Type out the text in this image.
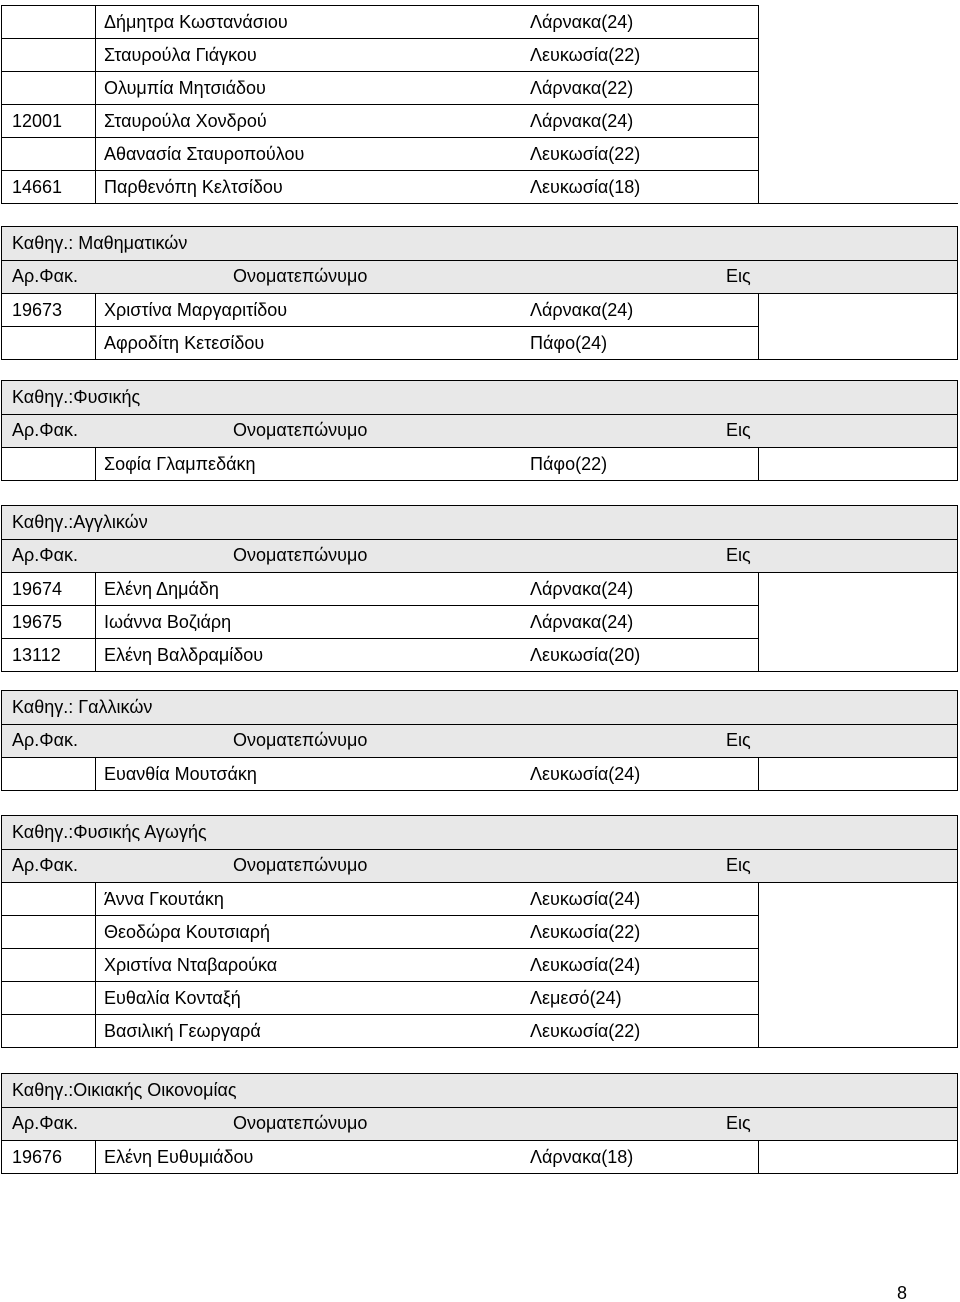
Δήμητρα Κωστανάσιου	Λάρνακα(24)
Σταυρούλα Γιάγκου	Λευκωσία(22)
Ολυμπία Μητσιάδου	Λάρνακα(22)
12001 Σταυρούλα Χονδρού	Λάρνακα(24)
Αθανασία Σταυροπούλου	Λευκωσία(22)
14661 Παρθενόπη Κελτσίδου	Λευκωσία(18)
Καθηγ.: Μαθηματικών
Αρ.Φακ.	Ονοματεπώνυμο	Εις
19673 Χριστίνα Μαργαριτίδου	Λάρνακα(24)
Αφροδίτη Κετεσίδου	Πάφο(24)
Καθηγ.:Φυσικής
Αρ.Φακ.	Ονοματεπώνυμο	Εις
Σοφία Γλαμπεδάκη	Πάφο(22)
Καθηγ.:Αγγλικών
Αρ.Φακ.	Ονοματεπώνυμο	Εις
19674 Ελένη Δημάδη	Λάρνακα(24)
19675 Ιωάννα Βοζιάρη	Λάρνακα(24)
13112 Ελένη Βαλδραμίδου	Λευκωσία(20)
Καθηγ.: Γαλλικών
Αρ.Φακ.	Ονοματεπώνυμο	Εις
Ευανθία Μουτσάκη	Λευκωσία(24)
Καθηγ.:Φυσικής Αγωγής
Αρ.Φακ.	Ονοματεπώνυμο	Εις
Άννα Γκουτάκη	Λευκωσία(24)
Θεοδώρα Κουτσιαρή	Λευκωσία(22)
Χριστίνα Νταβαρούκα	Λευκωσία(24)
Ευθαλία Κονταξή	Λεμεσό(24)
Βασιλική Γεωργαρά	Λευκωσία(22)
Καθηγ.:Οικιακής Οικονομίας
Αρ.Φακ.	Ονοματεπώνυμο	Εις
19676 Ελένη Ευθυμιάδου	Λάρνακα(18)
8
